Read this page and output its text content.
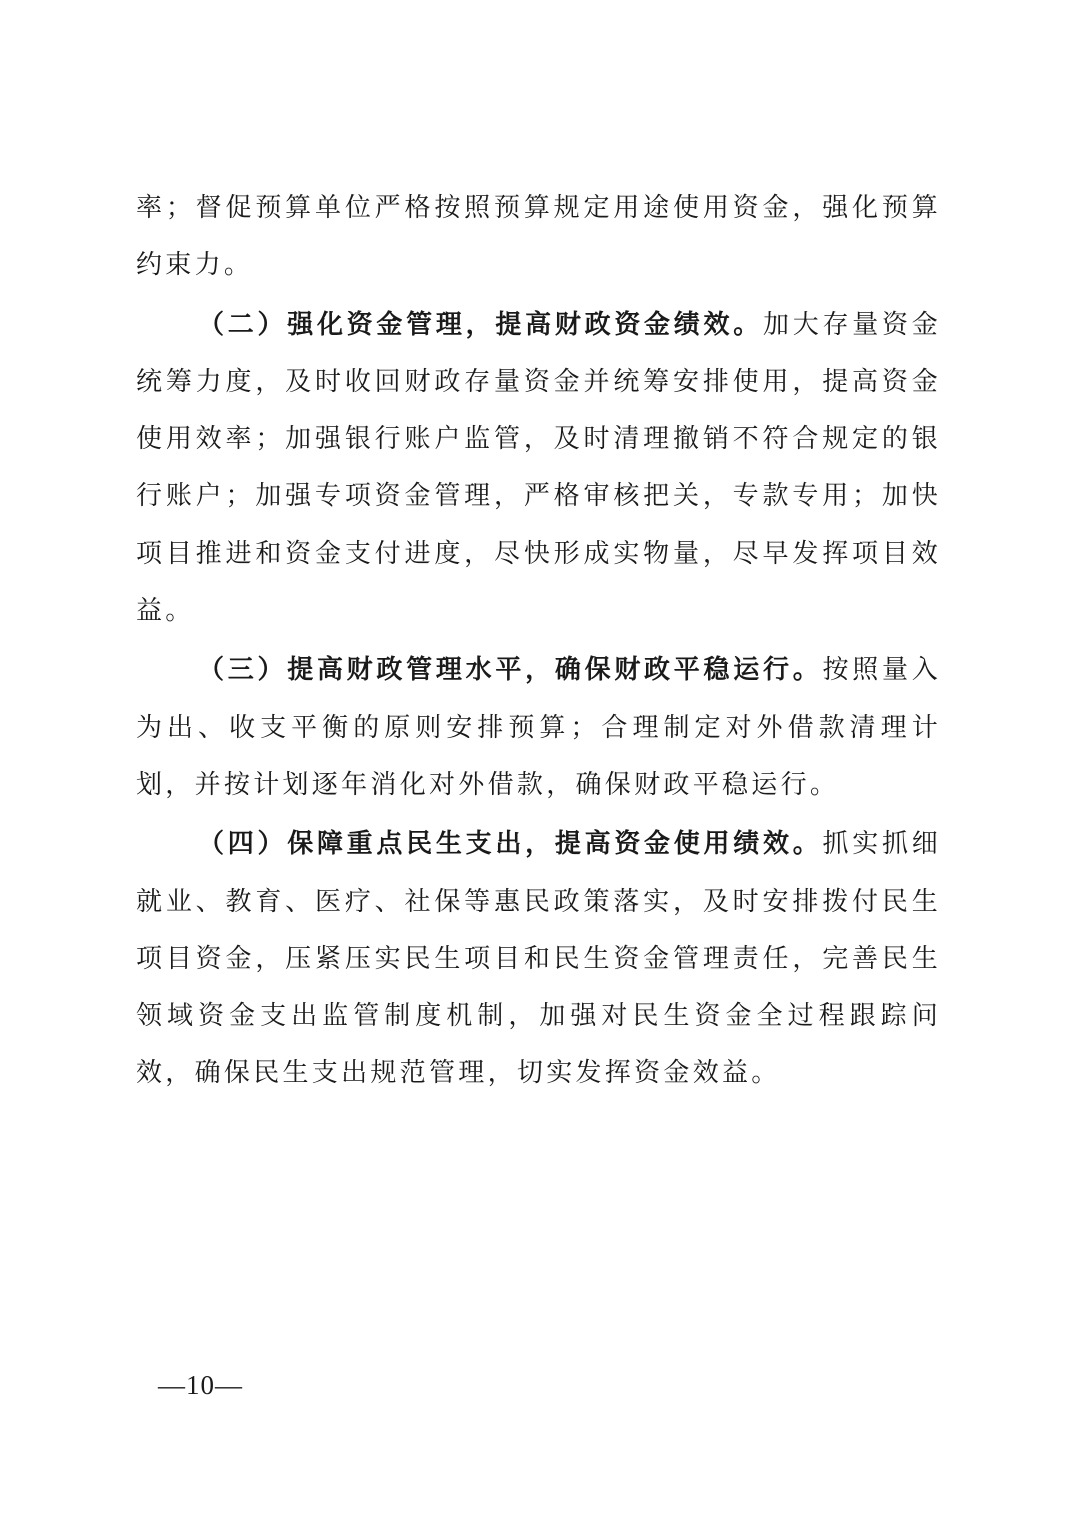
率；督促预算单位严格按照预算规定用途使用资金，强化预算约束力。

（二）强化资金管理，提高财政资金绩效。加大存量资金统筹力度，及时收回财政存量资金并统筹安排使用，提高资金使用效率；加强银行账户监管，及时清理撤销不符合规定的银行账户；加强专项资金管理，严格审核把关，专款专用；加快项目推进和资金支付进度，尽快形成实物量，尽早发挥项目效益。

（三）提高财政管理水平，确保财政平稳运行。按照量入为出、收支平衡的原则安排预算；合理制定对外借款清理计划，并按计划逐年消化对外借款，确保财政平稳运行。

（四）保障重点民生支出，提高资金使用绩效。抓实抓细就业、教育、医疗、社保等惠民政策落实，及时安排拨付民生项目资金，压紧压实民生项目和民生资金管理责任，完善民生领域资金支出监管制度机制，加强对民生资金全过程跟踪问效，确保民生支出规范管理，切实发挥资金效益。

—10—
